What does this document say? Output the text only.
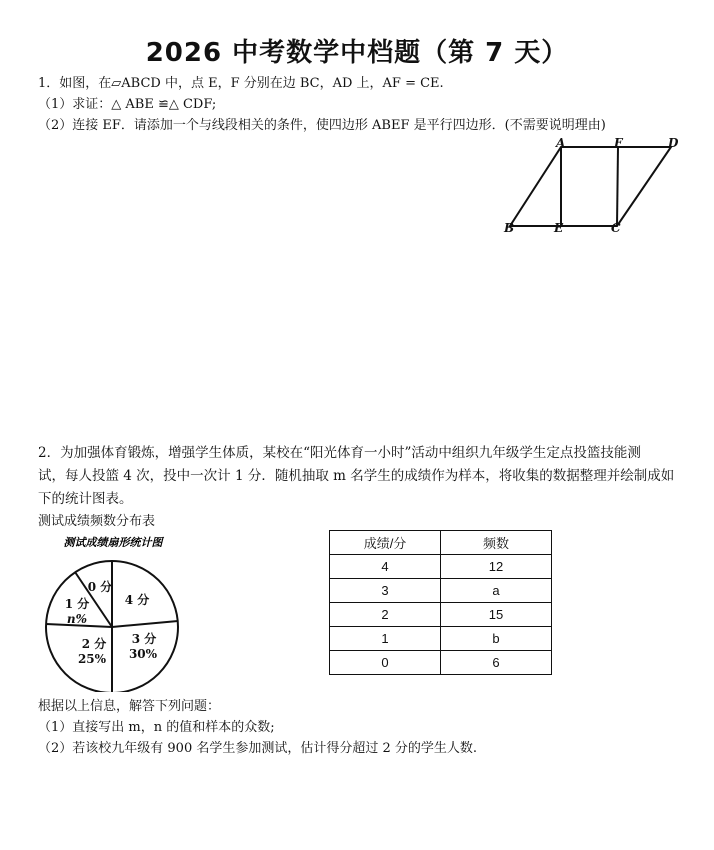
2026 中考数学中档题（第 7 天）
1．如图，在▱ABCD 中，点 E，F 分别在边 BC，AD 上，AF = CE.
（1）求证：△ ABE ≌△ CDF;
（2）连接 EF．请添加一个与线段相关的条件，使四边形 ABEF 是平行四边形．(不需要说明理由)
A	F	D
B	E	C
2．为加强体育锻炼，增强学生体质，某校在“阳光体育一小时”活动中组织九年级学生定点投篮技能测
试，每人投篮 4 次，投中一次计 1 分．随机抽取 m 名学生的成绩作为样本，将收集的数据整理并绘制成如
下的统计图表。
测试成绩频数分布表
测试成绩扇形统计图
0 分
4 分
3 分
30%
2 分
25%
1 分
n%
成绩/分	频数
4	12
3	a
2	15
1	b
0	6
根据以上信息，解答下列问题：
（1）直接写出 m，n 的值和样本的众数;
（2）若该校九年级有 900 名学生参加测试，估计得分超过 2 分的学生人数.
